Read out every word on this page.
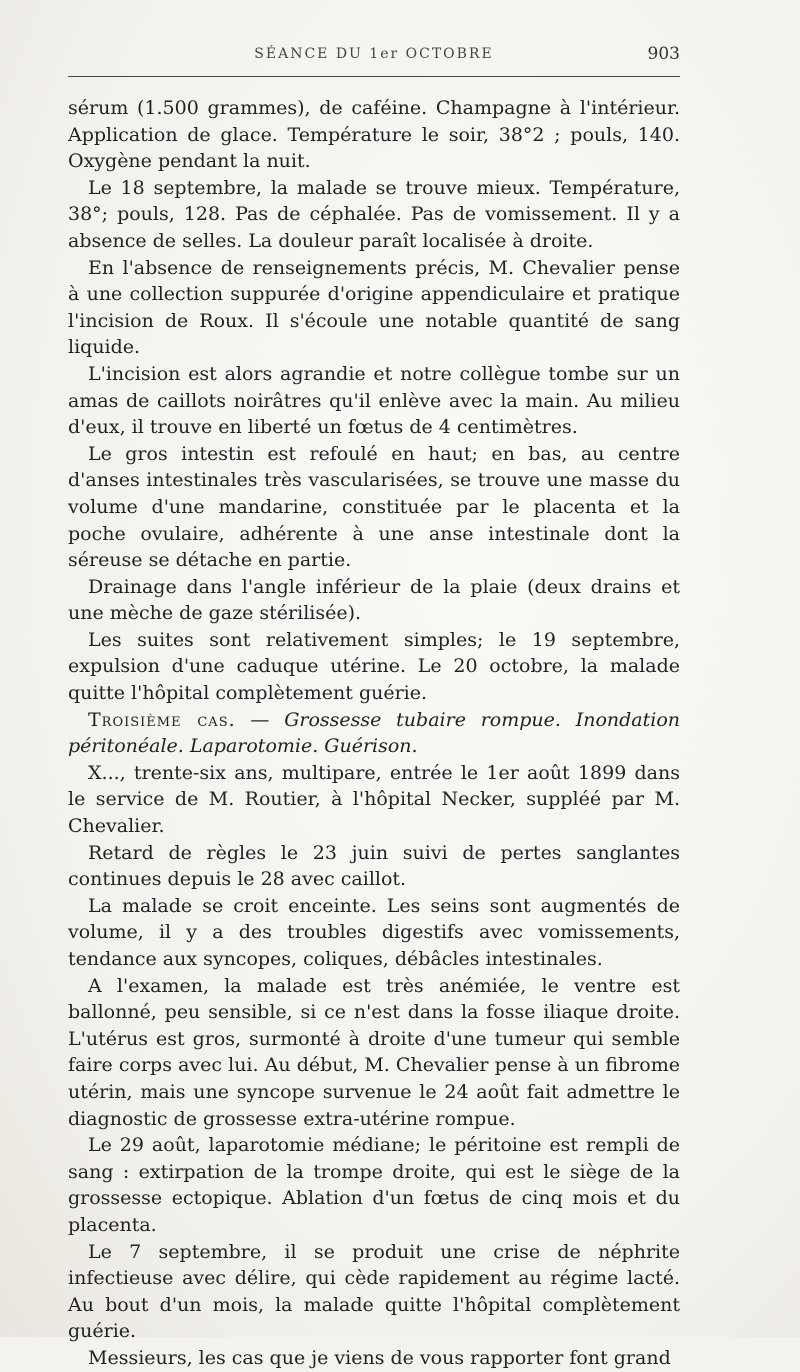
SÉANCE DU 1er OCTOBRE	903

sérum (1.500 grammes), de caféine. Champagne à l'intérieur. Application de glace. Température le soir, 38°2 ; pouls, 140. Oxygène pendant la nuit.

Le 18 septembre, la malade se trouve mieux. Température, 38°; pouls, 128. Pas de céphalée. Pas de vomissement. Il y a absence de selles. La douleur paraît localisée à droite.

En l'absence de renseignements précis, M. Chevalier pense à une collection suppurée d'origine appendiculaire et pratique l'incision de Roux. Il s'écoule une notable quantité de sang liquide.

L'incision est alors agrandie et notre collègue tombe sur un amas de caillots noirâtres qu'il enlève avec la main. Au milieu d'eux, il trouve en liberté un fœtus de 4 centimètres.

Le gros intestin est refoulé en haut; en bas, au centre d'anses intestinales très vascularisées, se trouve une masse du volume d'une mandarine, constituée par le placenta et la poche ovulaire, adhérente à une anse intestinale dont la séreuse se détache en partie.

Drainage dans l'angle inférieur de la plaie (deux drains et une mèche de gaze stérilisée).

Les suites sont relativement simples; le 19 septembre, expulsion d'une caduque utérine. Le 20 octobre, la malade quitte l'hôpital complètement guérie.

Troisième cas. — Grossesse tubaire rompue. Inondation péritonéale. Laparotomie. Guérison.

X..., trente-six ans, multipare, entrée le 1er août 1899 dans le service de M. Routier, à l'hôpital Necker, suppléé par M. Chevalier.

Retard de règles le 23 juin suivi de pertes sanglantes continues depuis le 28 avec caillot.

La malade se croit enceinte. Les seins sont augmentés de volume, il y a des troubles digestifs avec vomissements, tendance aux syncopes, coliques, débâcles intestinales.

A l'examen, la malade est très anémiée, le ventre est ballonné, peu sensible, si ce n'est dans la fosse iliaque droite. L'utérus est gros, surmonté à droite d'une tumeur qui semble faire corps avec lui. Au début, M. Chevalier pense à un fibrome utérin, mais une syncope survenue le 24 août fait admettre le diagnostic de grossesse extra-utérine rompue.

Le 29 août, laparotomie médiane; le péritoine est rempli de sang : extirpation de la trompe droite, qui est le siège de la grossesse ectopique. Ablation d'un fœtus de cinq mois et du placenta.

Le 7 septembre, il se produit une crise de néphrite infectieuse avec délire, qui cède rapidement au régime lacté. Au bout d'un mois, la malade quitte l'hôpital complètement guérie.

Messieurs, les cas que je viens de vous rapporter font grand
